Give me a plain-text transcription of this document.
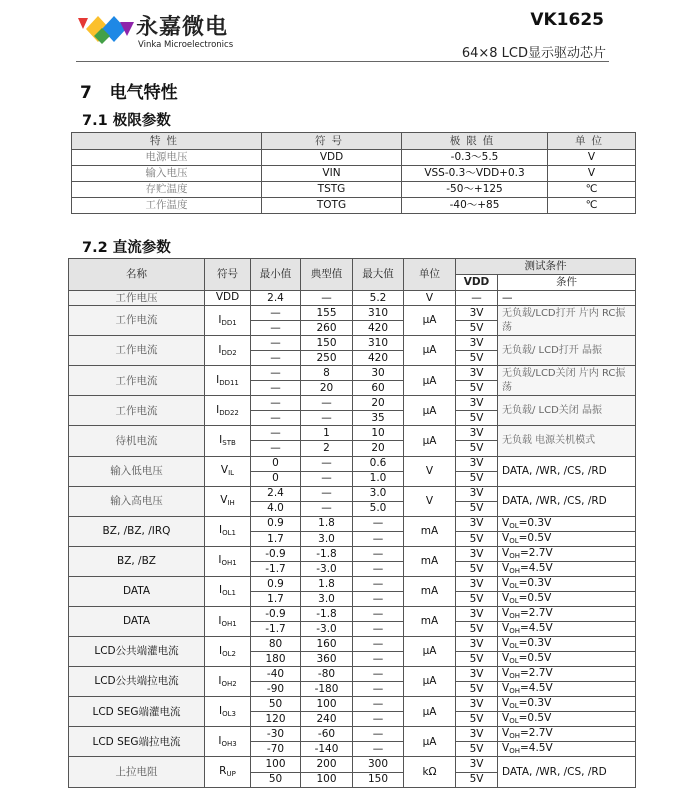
永嘉微电
Vinka Microelectronics
VK1625
64×8 LCD显示驱动芯片
7 电气特性
7.1 极限参数
特性	符号	极限值	单位
电源电压	VDD	-0.3～5.5	V
输入电压	VIN	VSS-0.3～VDD+0.3	V
存贮温度	TSTG	-50～+125	℃
工作温度	TOTG	-40～+85	℃
7.2 直流参数
名称	符号	最小值	典型值	最大值	单位	测试条件	
						VDD	条件
工作电压	VDD	2.4	—	5.2	V	—	—
工作电流	$I_{DD1}$	—	155	310	µA	3V	无负载/LCD打开 片内 RC振荡
		—	260	420		5V	
工作电流	$I_{DD2}$	—	150	310	µA	3V	无负载/ LCD打开 晶振
		—	250	420		5V	
工作电流	$I_{DD11}$	—	8	30	µA	3V	无负载/LCD关闭 片内 RC振荡
		—	20	60		5V	
工作电流	$I_{DD22}$	—	—	20	µA	3V	无负载/ LCD关闭 晶振
		—	—	35		5V	
待机电流	$I_{STB}$	—	1	10	µA	3V	无负载 电源关机模式
		—	2	20		5V	
输入低电压	$V_{IL}$	0	—	0.6	V	3V	DATA, /WR, /CS, /RD
		0	—	1.0		5V	
输入高电压	$V_{IH}$	2.4	—	3.0	V	3V	DATA, /WR, /CS, /RD
		4.0	—	5.0		5V	
BZ, /BZ, /IRQ	$I_{OL1}$	0.9	1.8	—	mA	3V	$V_{OL}=0.3V$
		1.7	3.0	—		5V	$V_{OL}=0.5V$
BZ, /BZ	$I_{OH1}$	-0.9	-1.8	—	mA	3V	$V_{OH}=2.7V$
		-1.7	-3.0	—		5V	$V_{OH}=4.5V$
DATA	$I_{OL1}$	0.9	1.8	—	mA	3V	$V_{OL}=0.3V$
		1.7	3.0	—		5V	$V_{OL}=0.5V$
DATA	$I_{OH1}$	-0.9	-1.8	—	mA	3V	$V_{OH}=2.7V$
		-1.7	-3.0	—		5V	$V_{OH}=4.5V$
LCD公共端灌电流	$I_{OL2}$	80	160	—	µA	3V	$V_{OL}=0.3V$
		180	360	—		5V	$V_{OL}=0.5V$
LCD公共端拉电流	$I_{OH2}$	-40	-80	—	µA	3V	$V_{OH}=2.7V$
		-90	-180	—		5V	$V_{OH}=4.5V$
LCD SEG端灌电流	$I_{OL3}$	50	100	—	µA	3V	$V_{OL}=0.3V$
		120	240	—		5V	$V_{OL}=0.5V$
LCD SEG端拉电流	$I_{OH3}$	-30	-60	—	µA	3V	$V_{OH}=2.7V$
		-70	-140	—		5V	$V_{OH}=4.5V$
上拉电阻	$R_{UP}$	100	200	300	kΩ	3V	DATA, /WR, /CS, /RD
		50	100	150		5V	
